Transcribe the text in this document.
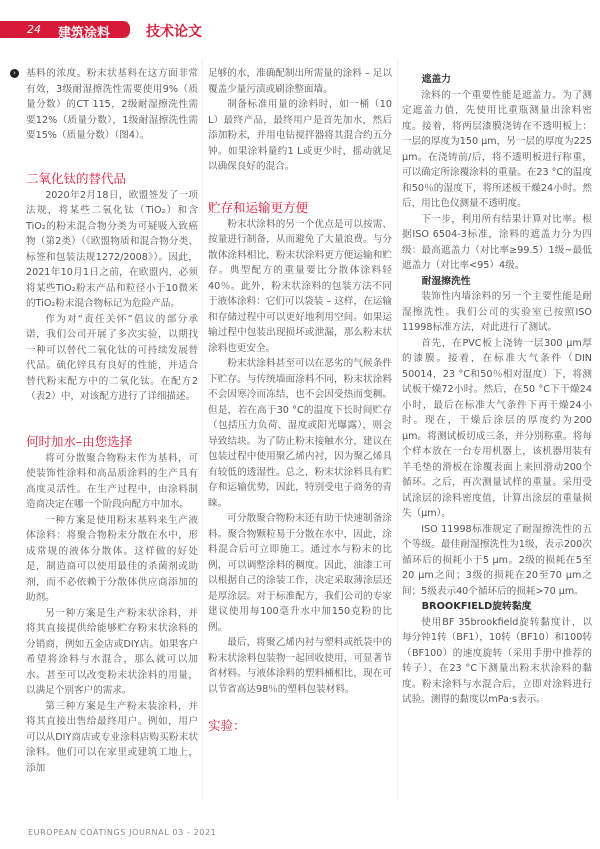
24 建筑涂料	技术论文
›	基料的浓度。粉末状基料在这方面非常有效，3级耐湿擦洗性需要使用9%（质量分数）的CT 115，2级耐湿擦洗性需要12%（质量分数），1级耐湿擦洗性需要15%（质量分数）（图4）。

二氧化钛的替代品

2020年2月18日，欧盟签发了一项法规，将某些二氧化钛（TiO₂）和含TiO₂的粉末混合物分类为可疑吸入致癌物（第2类）（《欧盟物质和混合物分类、标签和包装法规1272/2008》）。因此，2021年10月1日之前，在欧盟内，必须将某些TiO₂粉末产品和粒径小于10微米的TiO₂粉末混合物标记为危险产品。

作为对“责任关怀”倡议的部分承诺，我们公司开展了多次实验，以期找一种可以替代二氧化钛的可持续发展替代品。硫化锌具有良好的性能，并适合替代粉末配方中的二氧化钛。在配方2（表2）中，对该配方进行了详细描述。

何时加水–由您选择

将可分散聚合物粉末作为基料，可使装饰性涂料和高品质涂料的生产具有高度灵活性。在生产过程中，由涂料制造商决定在哪一个阶段向配方中加水。

一种方案是使用粉末基料来生产液体涂料：将聚合物粉末分散在水中，形成常规的液体分散体。这样做的好处是，制造商可以使用最佳的杀菌剂或助剂，而不必依赖于分散体供应商添加的助剂。

另一种方案是生产粉末状涂料，并将其直接提供给能够贮存粉末状涂料的分销商，例如五金店或DIY店。如果客户希望将涂料与水混合，那么就可以加水。甚至可以改变粉末状涂料的用量，以满足个别客户的需求。

第三种方案是生产粉末装涂料，并将其直接出售给最终用户。例如，用户可以从DIY商店或专业涂料店购买粉末状涂料。他们可以在家里或建筑工地上，添加

足够的水，准确配制出所需量的涂料 – 足以覆盖少量污渍或刷涂整面墙。

制备标准用量的涂料时，如一桶（10 L）最终产品，最终用户是首先加水，然后添加粉末，并用电钻搅拌器将其混合约五分钟。如果涂料量约1 L或更少时，摇动就足以确保良好的混合。

贮存和运输更方便

粉末状涂料的另一个优点是可以按需、按量进行制备，从而避免了大量浪费。与分散体涂料相比，粉末状涂料更方便运输和贮存。典型配方的重量要比分散体涂料轻40％。此外，粉末状涂料的包装方法不同于液体涂料：它们可以袋装 – 这样，在运输和存储过程中可以更好地利用空间。如果运输过程中包装出现损坏或泄漏，那么粉末状涂料也更安全。

粉末状涂料甚至可以在恶劣的气候条件下贮存。与传统墙面涂料不同，粉末状涂料不会因寒冷而冻结，也不会因受热而变稠。但是，若在高于30 °C的温度下长时间贮存（包括压力负荷、湿度或阳光曝露），则会导致结块。为了防止粉末接触水分，建议在包装过程中使用聚乙烯内衬，因为聚乙烯具有较低的透湿性。总之，粉末状涂料具有贮存和运输优势，因此，特别受电子商务的青睐。

可分散聚合物粉末还有助于快速制备涂料。聚合物颗粒易于分散在水中，因此，涂料混合后可立即施工。通过水与粉末的比例，可以调整涂料的稠度。因此，油漆工可以根据自己的涂装工作，决定采取薄涂层还是厚涂层。对于标准配方，我们公司的专家建议使用每100毫升水中加150克粉的比例。

最后，将聚乙烯内衬与塑料或纸袋中的粉末状涂料包装物一起回收使用，可显著节省材料。与液体涂料的塑料桶相比，现在可以节省高达98％的塑料包装材料。

实验：
遮盖力

涂料的一个重要性能是遮盖力。为了测定遮盖力值，先使用比重瓶测量出涂料密度。接着，将两层漆膜浇铸在不透明板上：一层的厚度为150 μm，另一层的厚度为225 μm。在浇铸前/后，将不透明板进行称重，可以确定所涂覆涂料的重量。在23 °C的温度和50％的湿度下，将所述板干燥24小时。然后，用比色仪测量不透明度。

下一步，利用所有结果计算对比率。根据ISO 6504-3标准，涂料的遮盖力分为四级：最高遮盖力（对比率≥99.5）1级~最低遮盖力（对比率<95）4级。

耐湿擦洗性

装饰性内墙涂料的另一个主要性能是耐湿擦洗性。我们公司的实验室已按照ISO 11998标准方法，对此进行了测试。

首先，在PVC板上浇铸一层300 μm厚的漆膜。接着，在标准大气条件（DIN 50014，23 °C和50％相对湿度）下，将测试板干燥72小时。然后，在50 °C下干燥24小时，最后在标准大气条件下再干燥24小时。现在，干燥后涂层的厚度约为200 μm。将测试板切成三条，并分别称重。将每个样本放在一台专用机器上，该机器用装有羊毛垫的滑板在涂覆表面上来回滑动200个循环。之后，再次测量试样的重量。采用受试涂层的涂料密度值，计算出涂层的重量损失（μm）。

ISO 11998标准规定了耐湿擦洗性的五个等级。最佳耐湿擦洗性为1级，表示200次循环后的损耗小于5 μm。2级的损耗在5至20 μm之间；3级的损耗在20至70 μm之间；5级表示40个循环后的损耗>70 μm。

BROOKFIELD旋转黏度

使用BF 35brookfield旋转黏度计，以每分钟1转（BF1），10转（BF10）和100转（BF100）的速度旋转（采用手册中推荐的转子），在23 °C下测量出粉末状涂料的黏度。粉末涂料与水混合后，立即对涂料进行试验。测得的黏度以mPa·s表示。

EUROPEAN COATINGS JOURNAL 03 - 2021
